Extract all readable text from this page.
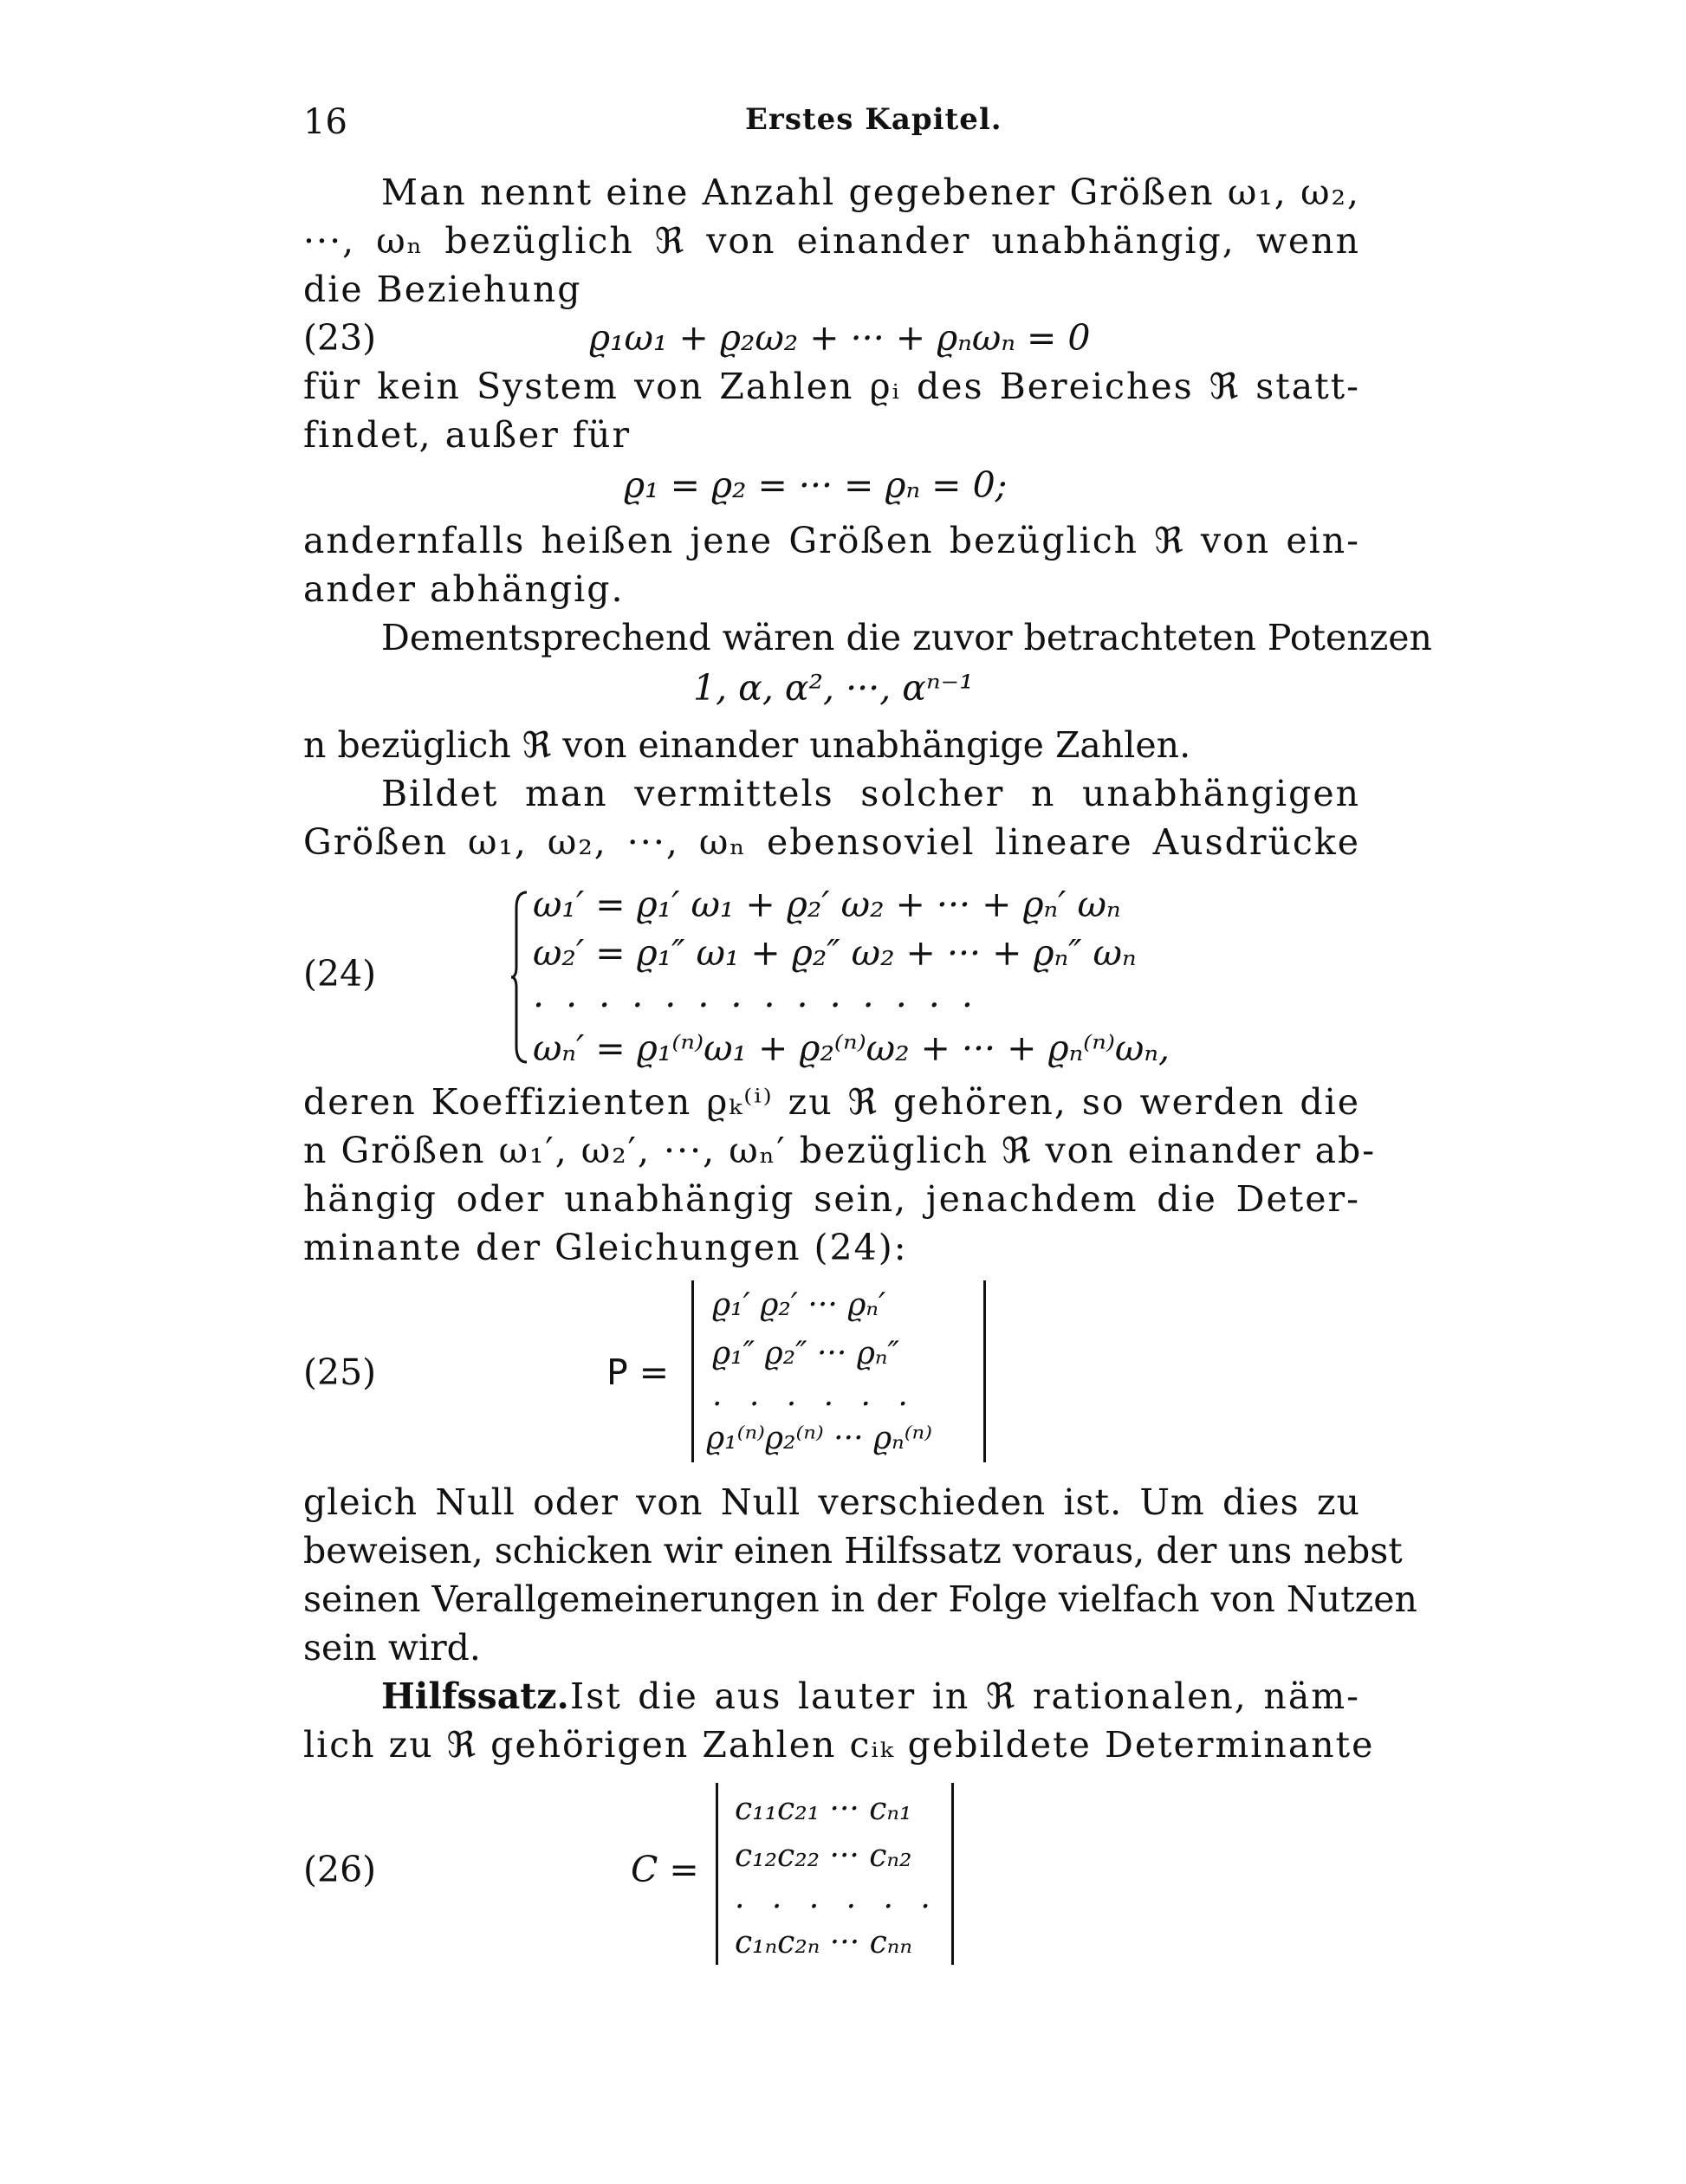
16	Erstes Kapitel.
Man nennt eine Anzahl gegebener Größen ω₁, ω₂,
···, ωₙ bezüglich ℜ von einander unabhängig, wenn
die Beziehung
(23)	ϱ₁ω₁ + ϱ₂ω₂ + ··· + ϱₙωₙ = 0
für kein System von Zahlen ϱᵢ des Bereiches ℜ statt-
findet, außer für
ϱ₁ = ϱ₂ = ··· = ϱₙ = 0;
andernfalls heißen jene Größen bezüglich ℜ von ein-
ander abhängig.
Dementsprechend wären die zuvor betrachteten Potenzen
1, α, α², ···, αⁿ⁻¹
n bezüglich ℜ von einander unabhängige Zahlen.
Bildet man vermittels solcher n unabhängigen
Größen ω₁, ω₂, ···, ωₙ ebensoviel lineare Ausdrücke
(24)
ω₁′ = ϱ₁′ ω₁ + ϱ₂′ ω₂ + ··· + ϱₙ′ ωₙ
ω₂′ = ϱ₁″ ω₁ + ϱ₂″ ω₂ + ··· + ϱₙ″ ωₙ
. . . . . . . . . . . . . .
ωₙ′ = ϱ₁⁽ⁿ⁾ω₁ + ϱ₂⁽ⁿ⁾ω₂ + ··· + ϱₙ⁽ⁿ⁾ωₙ,
deren Koeffizienten ϱₖ⁽ⁱ⁾ zu ℜ gehören, so werden die
n Größen ω₁′, ω₂′, ···, ωₙ′ bezüglich ℜ von einander ab-
hängig oder unabhängig sein, jenachdem die Deter-
minante der Gleichungen (24):
(25)	P =
ϱ₁′ ϱ₂′ ··· ϱₙ′
ϱ₁″ ϱ₂″ ··· ϱₙ″
. . . . . .
ϱ₁⁽ⁿ⁾ϱ₂⁽ⁿ⁾ ··· ϱₙ⁽ⁿ⁾
gleich Null oder von Null verschieden ist. Um dies zu
beweisen, schicken wir einen Hilfssatz voraus, der uns nebst
seinen Verallgemeinerungen in der Folge vielfach von Nutzen
sein wird.
Hilfssatz. Ist die aus lauter in ℜ rationalen, näm-
lich zu ℜ gehörigen Zahlen cᵢₖ gebildete Determinante
(26)	C =
c₁₁c₂₁ ··· cₙ₁
c₁₂c₂₂ ··· cₙ₂
. . . . . .
c₁ₙc₂ₙ ··· cₙₙ
